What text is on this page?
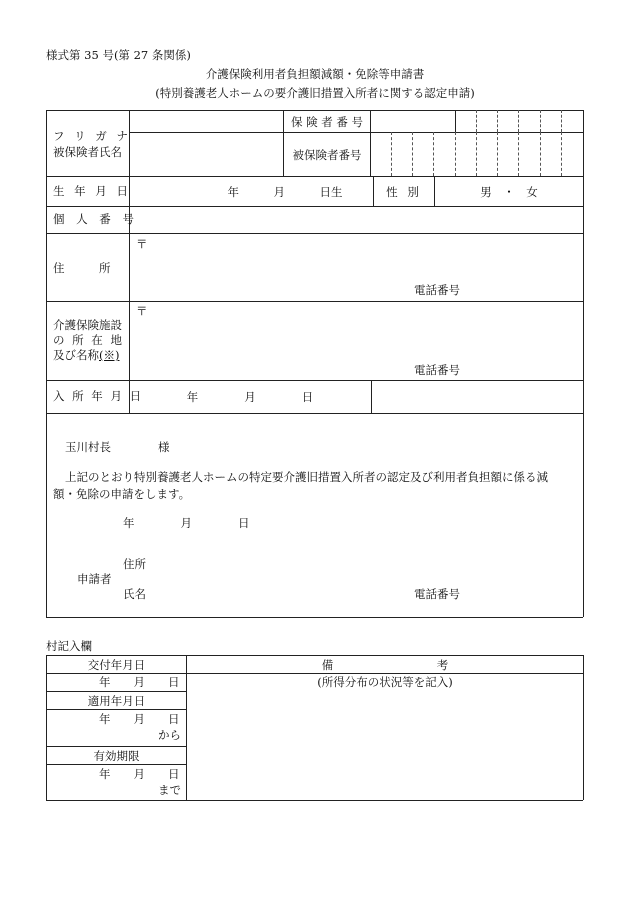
様式第 35 号(第 27 条関係)
介護保険利用者負担額減額・免除等申請書
(特別養護老人ホームの要介護旧措置入所者に関する認定申請)
フ リ ガ ナ
被保険者氏名
保 険 者 番 号
被保険者番号
生 年 月 日	年　　　月　　　日生	性 別	男　・　女
個 人 番 号
住　　　所
〒
電話番号
介護保険施設
の 所 在 地
及び名称(※)
〒
電話番号
入 所 年 月 日	年　　　　月　　　　日
玉川村長	様
上記のとおり特別養護老人ホームの特定要介護旧措置入所者の認定及び利用者負担額に係る減
額・免除の申請をします。
年　　　　月　　　　日
住所
申請者
氏名	電話番号
村記入欄
交付年月日	備　　　　　　　　　考
年　　月　　日	(所得分布の状況等を記入)
適用年月日
年　　月　　日
から
有効期限
年　　月　　日
まで
